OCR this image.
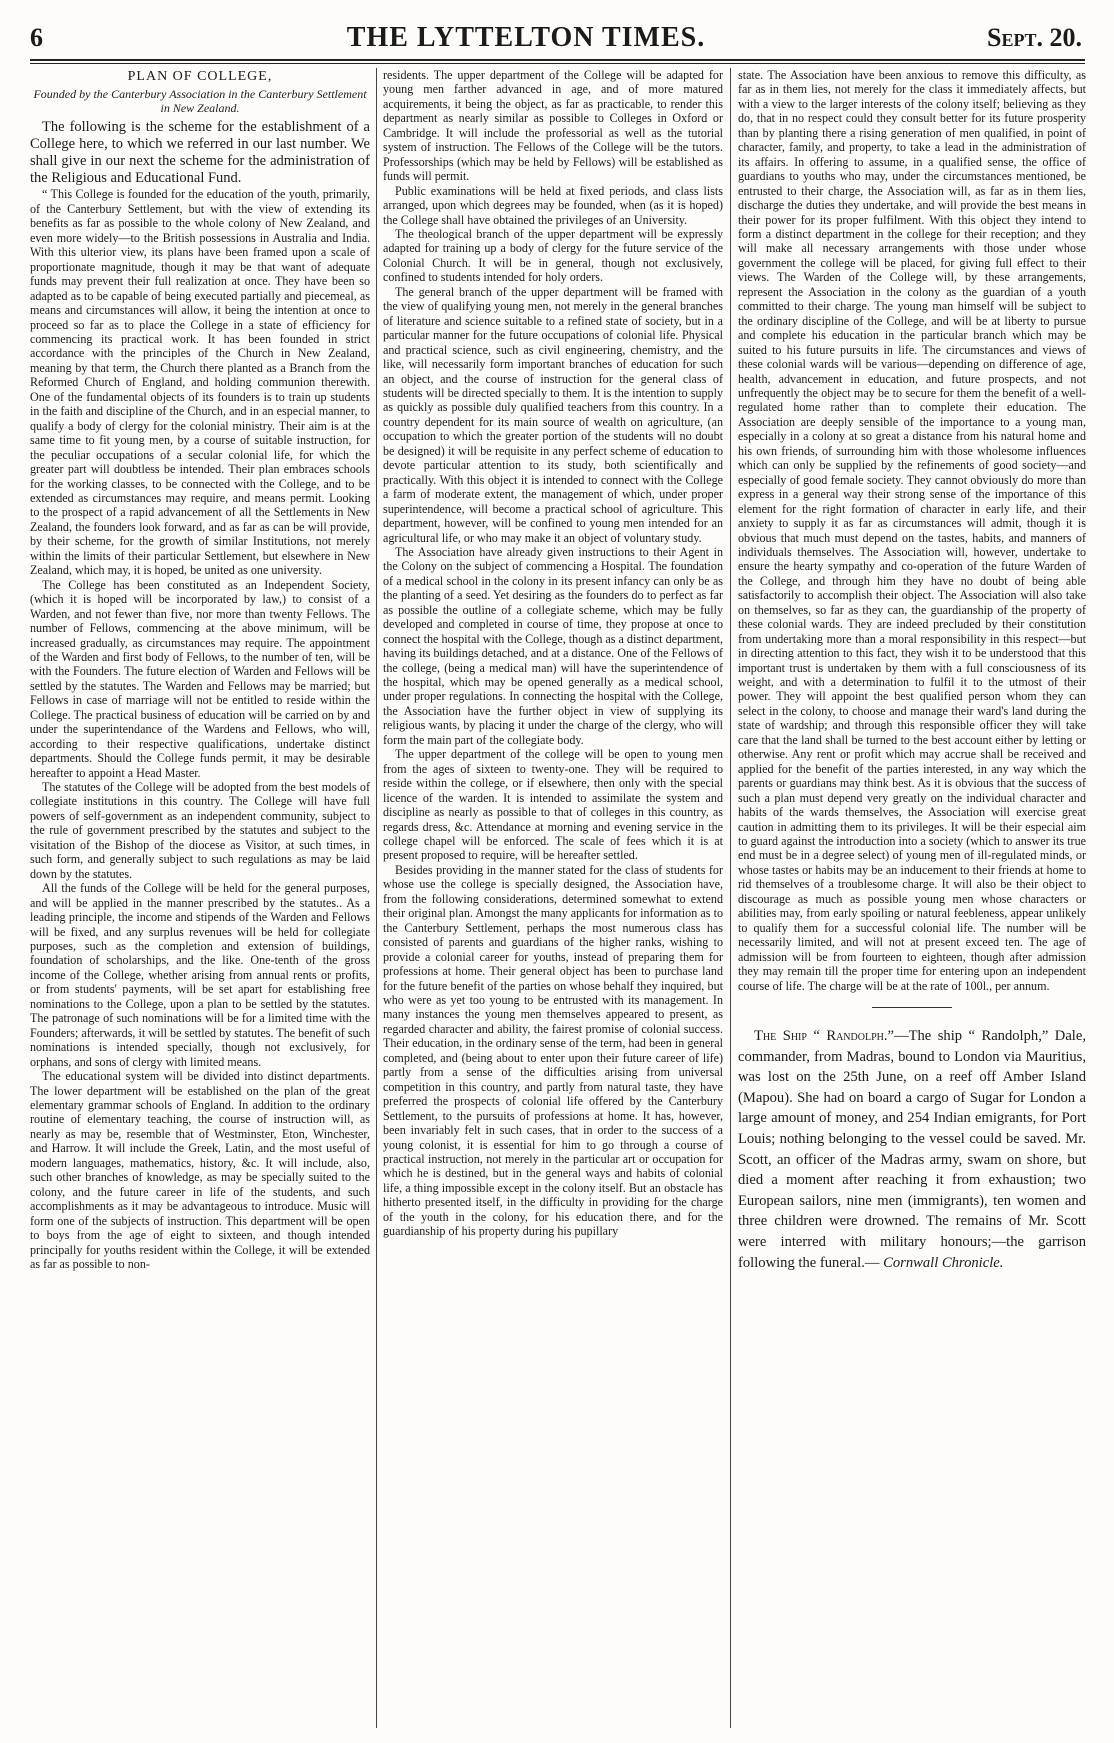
6	THE LYTTELTON TIMES.	Sept. 20.
PLAN OF COLLEGE,
Founded by the Canterbury Association in the Canterbury Settlement in New Zealand.

The following is the scheme for the establishment of a College here, to which we referred in our last number. We shall give in our next the scheme for the administration of the Religious and Educational Fund.

“ This College is founded for the education of the youth, primarily, of the Canterbury Settlement, but with the view of extending its benefits as far as possible to the whole colony of New Zealand, and even more widely—to the British possessions in Australia and India. With this ulterior view, its plans have been framed upon a scale of proportionate magnitude, though it may be that want of adequate funds may prevent their full realization at once. They have been so adapted as to be capable of being executed partially and piecemeal, as means and circumstances will allow, it being the intention at once to proceed so far as to place the College in a state of efficiency for commencing its practical work. It has been founded in strict accordance with the principles of the Church in New Zealand, meaning by that term, the Church there planted as a Branch from the Reformed Church of England, and holding communion therewith. One of the fundamental objects of its founders is to train up students in the faith and discipline of the Church, and in an especial manner, to qualify a body of clergy for the colonial ministry. Their aim is at the same time to fit young men, by a course of suitable instruction, for the peculiar occupations of a secular colonial life, for which the greater part will doubtless be intended. Their plan embraces schools for the working classes, to be connected with the College, and to be extended as circumstances may require, and means permit. Looking to the prospect of a rapid advancement of all the Settlements in New Zealand, the founders look forward, and as far as can be will provide, by their scheme, for the growth of similar Institutions, not merely within the limits of their particular Settlement, but elsewhere in New Zealand, which may, it is hoped, be united as one university.

The College has been constituted as an Independent Society, (which it is hoped will be incorporated by law,) to consist of a Warden, and not fewer than five, nor more than twenty Fellows. The number of Fellows, commencing at the above minimum, will be increased gradually, as circumstances may require. The appointment of the Warden and first body of Fellows, to the number of ten, will be with the Founders. The future election of Warden and Fellows will be settled by the statutes. The Warden and Fellows may be married; but Fellows in case of marriage will not be entitled to reside within the College. The practical business of education will be carried on by and under the superintendance of the Wardens and Fellows, who will, according to their respective qualifications, undertake distinct departments. Should the College funds permit, it may be desirable hereafter to appoint a Head Master.

The statutes of the College will be adopted from the best models of collegiate institutions in this country. The College will have full powers of self-government as an independent community, subject to the rule of government prescribed by the statutes and subject to the visitation of the Bishop of the diocese as Visitor, at such times, in such form, and generally subject to such regulations as may be laid down by the statutes.

All the funds of the College will be held for the general purposes, and will be applied in the manner prescribed by the statutes.. As a leading principle, the income and stipends of the Warden and Fellows will be fixed, and any surplus revenues will be held for collegiate purposes, such as the completion and extension of buildings, foundation of scholarships, and the like. One-tenth of the gross income of the College, whether arising from annual rents or profits, or from students' payments, will be set apart for establishing free nominations to the College, upon a plan to be settled by the statutes. The patronage of such nominations will be for a limited time with the Founders; afterwards, it will be settled by statutes. The benefit of such nominations is intended specially, though not exclusively, for orphans, and sons of clergy with limited means.

The educational system will be divided into distinct departments. The lower department will be established on the plan of the great elementary grammar schools of England. In addition to the ordinary routine of elementary teaching, the course of instruction will, as nearly as may be, resemble that of Westminster, Eton, Winchester, and Harrow. It will include the Greek, Latin, and the most useful of modern languages, mathematics, history, &c. It will include, also, such other branches of knowledge, as may be specially suited to the colony, and the future career in life of the students, and such accomplishments as it may be advantageous to introduce. Music will form one of the subjects of instruction. This department will be open to boys from the age of eight to sixteen, and though intended principally for youths resident within the College, it will be extended as far as possible to non-

residents. The upper department of the College will be adapted for young men farther advanced in age, and of more matured acquirements, it being the object, as far as practicable, to render this department as nearly similar as possible to Colleges in Oxford or Cambridge. It will include the professorial as well as the tutorial system of instruction. The Fellows of the College will be the tutors. Professorships (which may be held by Fellows) will be established as funds will permit.

Public examinations will be held at fixed periods, and class lists arranged, upon which degrees may be founded, when (as it is hoped) the College shall have obtained the privileges of an University.

The theological branch of the upper department will be expressly adapted for training up a body of clergy for the future service of the Colonial Church. It will be in general, though not exclusively, confined to students intended for holy orders.

The general branch of the upper department will be framed with the view of qualifying young men, not merely in the general branches of literature and science suitable to a refined state of society, but in a particular manner for the future occupations of colonial life. Physical and practical science, such as civil engineering, chemistry, and the like, will necessarily form important branches of education for such an object, and the course of instruction for the general class of students will be directed specially to them. It is the intention to supply as quickly as possible duly qualified teachers from this country. In a country dependent for its main source of wealth on agriculture, (an occupation to which the greater portion of the students will no doubt be designed) it will be requisite in any perfect scheme of education to devote particular attention to its study, both scientifically and practically. With this object it is intended to connect with the College a farm of moderate extent, the management of which, under proper superintendence, will become a practical school of agriculture. This department, however, will be confined to young men intended for an agricultural life, or who may make it an object of voluntary study.

The Association have already given instructions to their Agent in the Colony on the subject of commencing a Hospital. The foundation of a medical school in the colony in its present infancy can only be as the planting of a seed. Yet desiring as the founders do to perfect as far as possible the outline of a collegiate scheme, which may be fully developed and completed in course of time, they propose at once to connect the hospital with the College, though as a distinct department, having its buildings detached, and at a distance. One of the Fellows of the college, (being a medical man) will have the superintendence of the hospital, which may be opened generally as a medical school, under proper regulations. In connecting the hospital with the College, the Association have the further object in view of supplying its religious wants, by placing it under the charge of the clergy, who will form the main part of the collegiate body.

The upper department of the college will be open to young men from the ages of sixteen to twenty-one. They will be required to reside within the college, or if elsewhere, then only with the special licence of the warden. It is intended to assimilate the system and discipline as nearly as possible to that of colleges in this country, as regards dress, &c. Attendance at morning and evening service in the college chapel will be enforced. The scale of fees which it is at present proposed to require, will be hereafter settled.

Besides providing in the manner stated for the class of students for whose use the college is specially designed, the Association have, from the following considerations, determined somewhat to extend their original plan. Amongst the many applicants for information as to the Canterbury Settlement, perhaps the most numerous class has consisted of parents and guardians of the higher ranks, wishing to provide a colonial career for youths, instead of preparing them for professions at home. Their general object has been to purchase land for the future benefit of the parties on whose behalf they inquired, but who were as yet too young to be entrusted with its management. In many instances the young men themselves appeared to present, as regarded character and ability, the fairest promise of colonial success. Their education, in the ordinary sense of the term, had been in general completed, and (being about to enter upon their future career of life) partly from a sense of the difficulties arising from universal competition in this country, and partly from natural taste, they have preferred the prospects of colonial life offered by the Canterbury Settlement, to the pursuits of professions at home. It has, however, been invariably felt in such cases, that in order to the success of a young colonist, it is essential for him to go through a course of practical instruction, not merely in the particular art or occupation for which he is destined, but in the general ways and habits of colonial life, a thing impossible except in the colony itself. But an obstacle has hitherto presented itself, in the difficulty in providing for the charge of the youth in the colony, for his education there, and for the guardianship of his property during his pupillary

state. The Association have been anxious to remove this difficulty, as far as in them lies, not merely for the class it immediately affects, but with a view to the larger interests of the colony itself; believing as they do, that in no respect could they consult better for its future prosperity than by planting there a rising generation of men qualified, in point of character, family, and property, to take a lead in the administration of its affairs. In offering to assume, in a qualified sense, the office of guardians to youths who may, under the circumstances mentioned, be entrusted to their charge, the Association will, as far as in them lies, discharge the duties they undertake, and will provide the best means in their power for its proper fulfilment. With this object they intend to form a distinct department in the college for their reception; and they will make all necessary arrangements with those under whose government the college will be placed, for giving full effect to their views. The Warden of the College will, by these arrangements, represent the Association in the colony as the guardian of a youth committed to their charge. The young man himself will be subject to the ordinary discipline of the College, and will be at liberty to pursue and complete his education in the particular branch which may be suited to his future pursuits in life. The circumstances and views of these colonial wards will be various—depending on difference of age, health, advancement in education, and future prospects, and not unfrequently the object may be to secure for them the benefit of a well-regulated home rather than to complete their education. The Association are deeply sensible of the importance to a young man, especially in a colony at so great a distance from his natural home and his own friends, of surrounding him with those wholesome influences which can only be supplied by the refinements of good society—and especially of good female society. They cannot obviously do more than express in a general way their strong sense of the importance of this element for the right formation of character in early life, and their anxiety to supply it as far as circumstances will admit, though it is obvious that much must depend on the tastes, habits, and manners of individuals themselves. The Association will, however, undertake to ensure the hearty sympathy and co-operation of the future Warden of the College, and through him they have no doubt of being able satisfactorily to accomplish their object. The Association will also take on themselves, so far as they can, the guardianship of the property of these colonial wards. They are indeed precluded by their constitution from undertaking more than a moral responsibility in this respect—but in directing attention to this fact, they wish it to be understood that this important trust is undertaken by them with a full consciousness of its weight, and with a determination to fulfil it to the utmost of their power. They will appoint the best qualified person whom they can select in the colony, to choose and manage their ward's land during the state of wardship; and through this responsible officer they will take care that the land shall be turned to the best account either by letting or otherwise. Any rent or profit which may accrue shall be received and applied for the benefit of the parties interested, in any way which the parents or guardians may think best. As it is obvious that the success of such a plan must depend very greatly on the individual character and habits of the wards themselves, the Association will exercise great caution in admitting them to its privileges. It will be their especial aim to guard against the introduction into a society (which to answer its true end must be in a degree select) of young men of ill-regulated minds, or whose tastes or habits may be an inducement to their friends at home to rid themselves of a troublesome charge. It will also be their object to discourage as much as possible young men whose characters or abilities may, from early spoiling or natural feebleness, appear unlikely to qualify them for a successful colonial life. The number will be necessarily limited, and will not at present exceed ten. The age of admission will be from fourteen to eighteen, though after admission they may remain till the proper time for entering upon an independent course of life. The charge will be at the rate of 100l., per annum.

The Ship “ Randolph.”—The ship “ Randolph,” Dale, commander, from Madras, bound to London via Mauritius, was lost on the 25th June, on a reef off Amber Island (Mapou). She had on board a cargo of Sugar for London a large amount of money, and 254 Indian emigrants, for Port Louis; nothing belonging to the vessel could be saved. Mr. Scott, an officer of the Madras army, swam on shore, but died a moment after reaching it from exhaustion; two European sailors, nine men (immigrants), ten women and three children were drowned. The remains of Mr. Scott were interred with military honours;—the garrison following the funeral.— Cornwall Chronicle.
